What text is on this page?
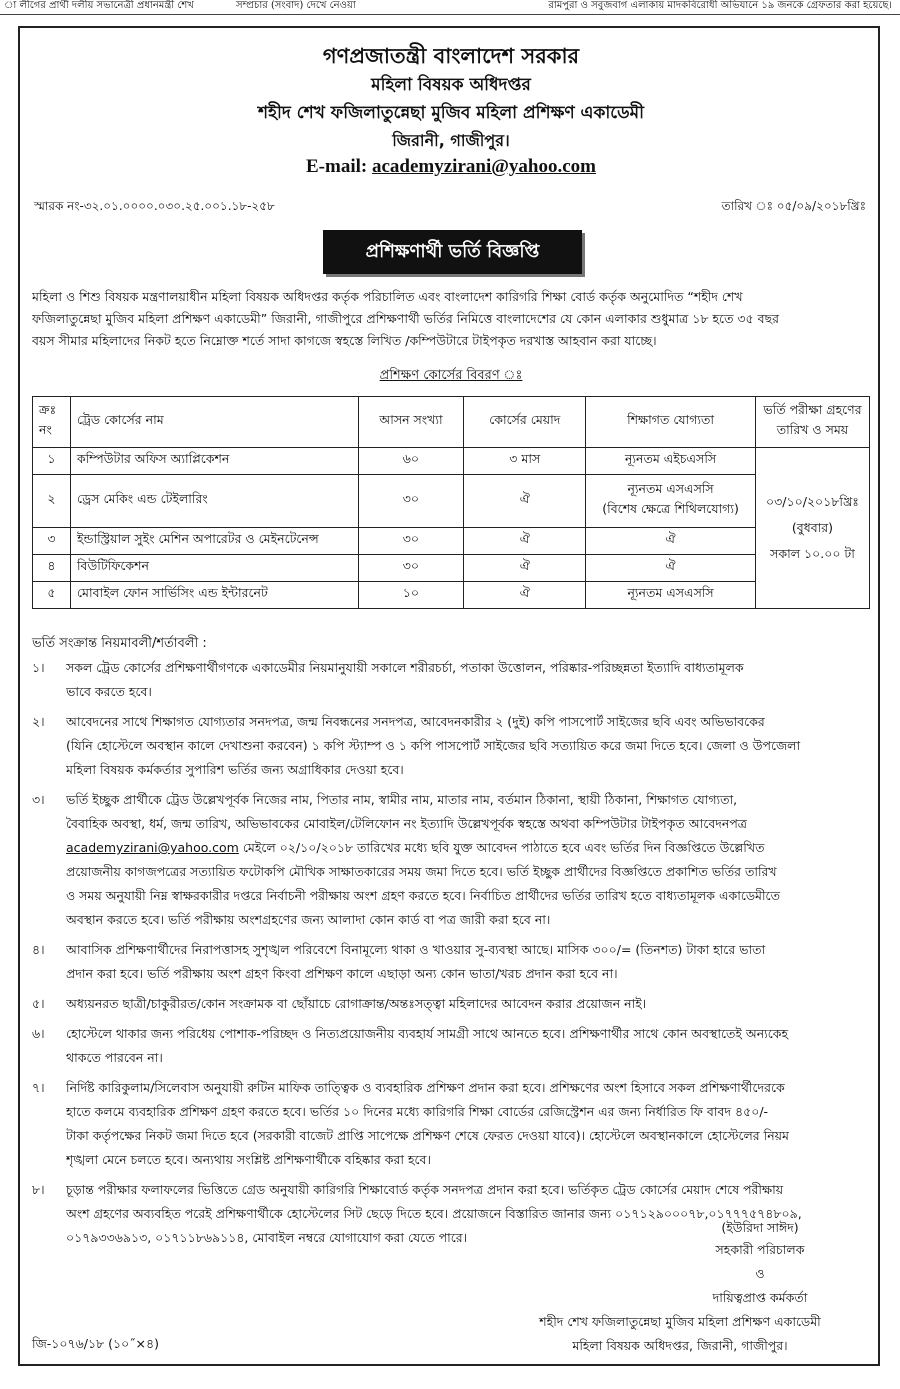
া লীগের প্রার্থী দলীয় সভানেত্রী প্রধানমন্ত্রী শেখ	সম্প্রচার (সংবাদ) দেখে নেওয়া	রামপুরা ও সবুজবাগ এলাকায় মাদকবিরোধী অভিযানে ১৯ জনকে গ্রেফতার করা হয়েছে।
গণপ্রজাতন্ত্রী বাংলাদেশ সরকার
মহিলা বিষয়ক অধিদপ্তর
শহীদ শেখ ফজিলাতুন্নেছা মুজিব মহিলা প্রশিক্ষণ একাডেমী
জিরানী, গাজীপুর।
E-mail: academyzirani@yahoo.com
স্মারক নং-৩২.০১.০০০০.০৩০.২৫.০০১.১৮-২৫৮	তারিখ ঃ ০৫/০৯/২০১৮খ্রিঃ
প্রশিক্ষণার্থী ভর্তি বিজ্ঞপ্তি
মহিলা ও শিশু বিষয়ক মন্ত্রণালয়াধীন মহিলা বিষয়ক অধিদপ্তর কর্তৃক পরিচালিত এবং বাংলাদেশ কারিগরি শিক্ষা বোর্ড কর্তৃক অনুমোদিত “শহীদ শেখ
ফজিলাতুন্নেছা মুজিব মহিলা প্রশিক্ষণ একাডেমী” জিরানী, গাজীপুরে প্রশিক্ষণার্থী ভর্তির নিমিত্তে বাংলাদেশের যে কোন এলাকার শুধুমাত্র ১৮ হতে ৩৫ বছর
বয়স সীমার মহিলাদের নিকট হতে নিম্নোক্ত শর্তে সাদা কাগজে স্বহস্তে লিখিত /কম্পিউটারে টাইপকৃত দরখাস্ত আহবান করা যাচ্ছে।
প্রশিক্ষণ কোর্সের বিবরণ ঃ
ক্রঃ নং	ট্রেড কোর্সের নাম	আসন সংখ্যা	কোর্সের মেয়াদ	শিক্ষাগত যোগ্যতা	ভর্তি পরীক্ষা গ্রহণের তারিখ ও সময়
১	কম্পিউটার অফিস অ্যাপ্লিকেশন	৬০	৩ মাস	ন্যূনতম এইচএসসি	০৩/১০/২০১৮খ্রিঃ
(বুধবার)
সকাল ১০.০০ টা

২	ড্রেস মেকিং এন্ড টেইলারিং	৩০	ঐ	ন্যূনতম এসএসসি
(বিশেষ ক্ষেত্রে শিথিলযোগ্য)	

৩	ইন্ডাস্ট্রিয়াল সুইং মেশিন অপারেটর ও মেইনটেনেন্স	৩০	ঐ	ঐ	
৪	বিউটিফিকেশন	৩০	ঐ	ঐ	
৫	মোবাইল ফোন সার্ভিসিং এন্ড ইন্টারনেট	১০	ঐ	ন্যূনতম এসএসসি	
ভর্তি সংক্রান্ত নিয়মাবলী/শর্তাবলী :
১।	সকল ট্রেড কোর্সের প্রশিক্ষণার্থীগণকে একাডেমীর নিয়মানুযায়ী সকালে শরীরচর্চা, পতাকা উত্তোলন, পরিষ্কার-পরিচ্ছন্নতা ইত্যাদি বাধ্যতামূলক
ভাবে করতে হবে।
২।	আবেদনের সাথে শিক্ষাগত যোগ্যতার সনদপত্র, জন্ম নিবন্ধনের সনদপত্র, আবেদনকারীর ২ (দুই) কপি পাসপোর্ট সাইজের ছবি এবং অভিভাবকের
(যিনি হোস্টেলে অবস্থান কালে দেখাশুনা করবেন) ১ কপি স্ট্যাম্প ও ১ কপি পাসপোর্ট সাইজের ছবি সত্যায়িত করে জমা দিতে হবে। জেলা ও উপজেলা
মহিলা বিষয়ক কর্মকর্তার সুপারিশ ভর্তির জন্য অগ্রাধিকার দেওয়া হবে।
৩।	ভর্তি ইচ্ছুক প্রার্থীকে ট্রেড উল্লেখপূর্বক নিজের নাম, পিতার নাম, স্বামীর নাম, মাতার নাম, বর্তমান ঠিকানা, স্থায়ী ঠিকানা, শিক্ষাগত যোগ্যতা,
বৈবাহিক অবস্থা, ধর্ম, জন্ম তারিখ, অভিভাবকের মোবাইল/টেলিফোন নং ইত্যাদি উল্লেখপূর্বক স্বহস্তে অথবা কম্পিউটার টাইপকৃত আবেদনপত্র
academyzirani@yahoo.com মেইলে ০২/১০/২০১৮ তারিখের মধ্যে ছবি যুক্ত আবেদন পাঠাতে হবে এবং ভর্তির দিন বিজ্ঞপ্তিতে উল্লেখিত
প্রয়োজনীয় কাগজপত্রের সত্যায়িত ফটোকপি মৌখিক সাক্ষাতকারের সময় জমা দিতে হবে। ভর্তি ইচ্ছুক প্রার্থীদের বিজ্ঞপ্তিতে প্রকাশিত ভর্তির তারিখ
ও সময় অনুযায়ী নিম্ন স্বাক্ষরকারীর দপ্তরে নির্বাচনী পরীক্ষায় অংশ গ্রহণ করতে হবে। নির্বাচিত প্রার্থীদের ভর্তির তারিখ হতে বাধ্যতামূলক একাডেমীতে
অবস্থান করতে হবে। ভর্তি পরীক্ষায় অংশগ্রহণের জন্য আলাদা কোন কার্ড বা পত্র জারী করা হবে না।
৪।	আবাসিক প্রশিক্ষণার্থীদের নিরাপত্তাসহ সুশৃঙ্খল পরিবেশে বিনামূল্যে থাকা ও খাওয়ার সু-ব্যবস্থা আছে। মাসিক ৩০০/= (তিনশত) টাকা হারে ভাতা
প্রদান করা হবে। ভর্তি পরীক্ষায় অংশ গ্রহণ কিংবা প্রশিক্ষণ কালে এছাড়া অন্য কোন ভাতা/খরচ প্রদান করা হবে না।
৫।	অধ্যয়নরত ছাত্রী/চাকুরীরত/কোন সংক্রামক বা ছোঁয়াচে রোগাক্রান্ত/অন্তঃসত্ত্বা মহিলাদের আবেদন করার প্রয়োজন নাই।
৬।	হোস্টেলে থাকার জন্য পরিধেয় পোশাক-পরিচ্ছদ ও নিত্যপ্রয়োজনীয় ব্যবহার্য সামগ্রী সাথে আনতে হবে। প্রশিক্ষণার্থীর সাথে কোন অবস্থাতেই অন্যকেহ
থাকতে পারবেন না।
৭।	নির্দিষ্ট কারিকুলাম/সিলেবাস অনুযায়ী রুটিন মাফিক তাত্ত্বিক ও ব্যবহারিক প্রশিক্ষণ প্রদান করা হবে। প্রশিক্ষণের অংশ হিসাবে সকল প্রশিক্ষণার্থীদেরকে
হাতে কলমে ব্যবহারিক প্রশিক্ষণ গ্রহণ করতে হবে। ভর্তির ১০ দিনের মধ্যে কারিগরি শিক্ষা বোর্ডের রেজিস্ট্রেশন এর জন্য নির্ধারিত ফি বাবদ ৪৫০/-
টাকা কর্তৃপক্ষের নিকট জমা দিতে হবে (সরকারী বাজেট প্রাপ্তি সাপেক্ষে প্রশিক্ষণ শেষে ফেরত দেওয়া যাবে)। হোস্টেলে অবস্থানকালে হোস্টেলের নিয়ম
শৃঙ্খলা মেনে চলতে হবে। অন্যথায় সংশ্লিষ্ট প্রশিক্ষণার্থীকে বহিষ্কার করা হবে।
৮।	চূড়ান্ত পরীক্ষার ফলাফলের ভিত্তিতে গ্রেড অনুযায়ী কারিগরি শিক্ষাবোর্ড কর্তৃক সনদপত্র প্রদান করা হবে। ভর্তিকৃত ট্রেড কোর্সের মেয়াদ শেষে পরীক্ষায়
অংশ গ্রহণের অব্যবহিত পরেই প্রশিক্ষণার্থীকে হোস্টেলের সিট ছেড়ে দিতে হবে। প্রয়োজনে বিস্তারিত জানার জন্য ০১৭১২৯০০০৭৮,০১৭৭৭৫৭৪৮০৯,
০১৭৯৩৩৬৯১৩, ০১৭১১৮৬৯১১৪, মোবাইল নম্বরে যোগাযোগ করা যেতে পারে।
(ইউরিদা সাঈদ)
সহকারী পরিচালক
ও
দায়িত্বপ্রাপ্ত কর্মকর্তা
শহীদ শেখ ফজিলাতুন্নেছা মুজিব মহিলা প্রশিক্ষণ একাডেমী
মহিলা বিষয়ক অধিদপ্তর, জিরানী, গাজীপুর।
জি-১০৭৬/১৮ (১০˝×৪)
